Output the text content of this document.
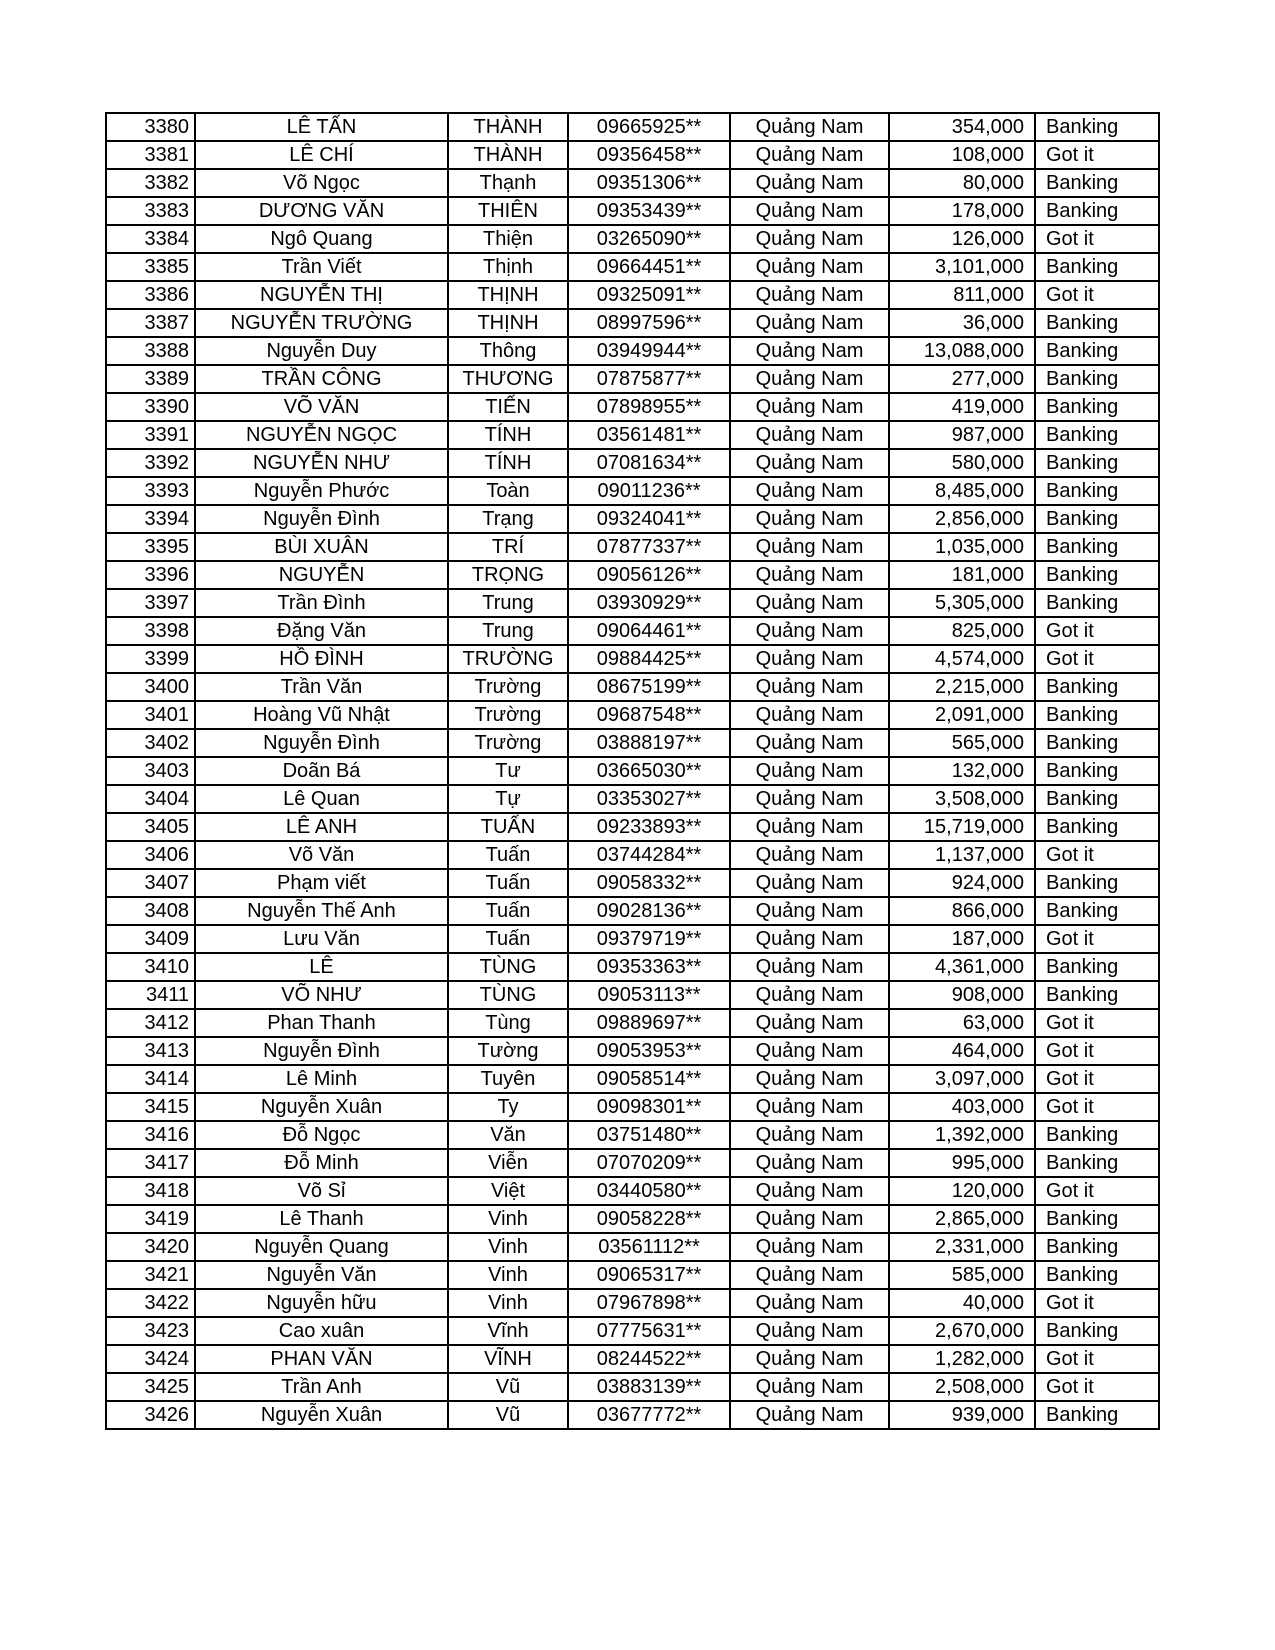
3380	LÊ TẤN	THÀNH	09665925**	Quảng Nam	354,000	Banking
3381	LÊ CHÍ	THÀNH	09356458**	Quảng Nam	108,000	Got it
3382	Võ Ngọc	Thạnh	09351306**	Quảng Nam	80,000	Banking
3383	DƯƠNG VĂN	THIÊN	09353439**	Quảng Nam	178,000	Banking
3384	Ngô Quang	Thiện	03265090**	Quảng Nam	126,000	Got it
3385	Trần Viết	Thịnh	09664451**	Quảng Nam	3,101,000	Banking
3386	NGUYỄN THỊ	THỊNH	09325091**	Quảng Nam	811,000	Got it
3387	NGUYỄN TRƯỜNG	THỊNH	08997596**	Quảng Nam	36,000	Banking
3388	Nguyễn Duy	Thông	03949944**	Quảng Nam	13,088,000	Banking
3389	TRẦN CÔNG	THƯƠNG	07875877**	Quảng Nam	277,000	Banking
3390	VÕ VĂN	TIẾN	07898955**	Quảng Nam	419,000	Banking
3391	NGUYỄN NGỌC	TÍNH	03561481**	Quảng Nam	987,000	Banking
3392	NGUYỄN NHƯ	TÍNH	07081634**	Quảng Nam	580,000	Banking
3393	Nguyễn Phước	Toàn	09011236**	Quảng Nam	8,485,000	Banking
3394	Nguyễn Đình	Trạng	09324041**	Quảng Nam	2,856,000	Banking
3395	BÙI XUÂN	TRÍ	07877337**	Quảng Nam	1,035,000	Banking
3396	NGUYỄN	TRỌNG	09056126**	Quảng Nam	181,000	Banking
3397	Trần Đình	Trung	03930929**	Quảng Nam	5,305,000	Banking
3398	Đặng Văn	Trung	09064461**	Quảng Nam	825,000	Got it
3399	HỒ ĐÌNH	TRƯỜNG	09884425**	Quảng Nam	4,574,000	Got it
3400	Trần Văn	Trường	08675199**	Quảng Nam	2,215,000	Banking
3401	Hoàng Vũ Nhật	Trường	09687548**	Quảng Nam	2,091,000	Banking
3402	Nguyễn Đình	Trường	03888197**	Quảng Nam	565,000	Banking
3403	Doãn Bá	Tư	03665030**	Quảng Nam	132,000	Banking
3404	Lê Quan	Tự	03353027**	Quảng Nam	3,508,000	Banking
3405	LÊ ANH	TUẤN	09233893**	Quảng Nam	15,719,000	Banking
3406	Võ Văn	Tuấn	03744284**	Quảng Nam	1,137,000	Got it
3407	Phạm viết	Tuấn	09058332**	Quảng Nam	924,000	Banking
3408	Nguyễn Thế Anh	Tuấn	09028136**	Quảng Nam	866,000	Banking
3409	Lưu Văn	Tuấn	09379719**	Quảng Nam	187,000	Got it
3410	LÊ	TÙNG	09353363**	Quảng Nam	4,361,000	Banking
3411	VÕ NHƯ	TÙNG	09053113**	Quảng Nam	908,000	Banking
3412	Phan Thanh	Tùng	09889697**	Quảng Nam	63,000	Got it
3413	Nguyễn Đình	Tường	09053953**	Quảng Nam	464,000	Got it
3414	Lê Minh	Tuyên	09058514**	Quảng Nam	3,097,000	Got it
3415	Nguyễn Xuân	Ty	09098301**	Quảng Nam	403,000	Got it
3416	Đỗ Ngọc	Văn	03751480**	Quảng Nam	1,392,000	Banking
3417	Đỗ Minh	Viễn	07070209**	Quảng Nam	995,000	Banking
3418	Võ Sỉ	Việt	03440580**	Quảng Nam	120,000	Got it
3419	Lê Thanh	Vinh	09058228**	Quảng Nam	2,865,000	Banking
3420	Nguyễn Quang	Vinh	03561112**	Quảng Nam	2,331,000	Banking
3421	Nguyễn Văn	Vinh	09065317**	Quảng Nam	585,000	Banking
3422	Nguyễn hữu	Vinh	07967898**	Quảng Nam	40,000	Got it
3423	Cao xuân	Vĩnh	07775631**	Quảng Nam	2,670,000	Banking
3424	PHAN VĂN	VĨNH	08244522**	Quảng Nam	1,282,000	Got it
3425	Trần Anh	Vũ	03883139**	Quảng Nam	2,508,000	Got it
3426	Nguyễn Xuân	Vũ	03677772**	Quảng Nam	939,000	Banking
